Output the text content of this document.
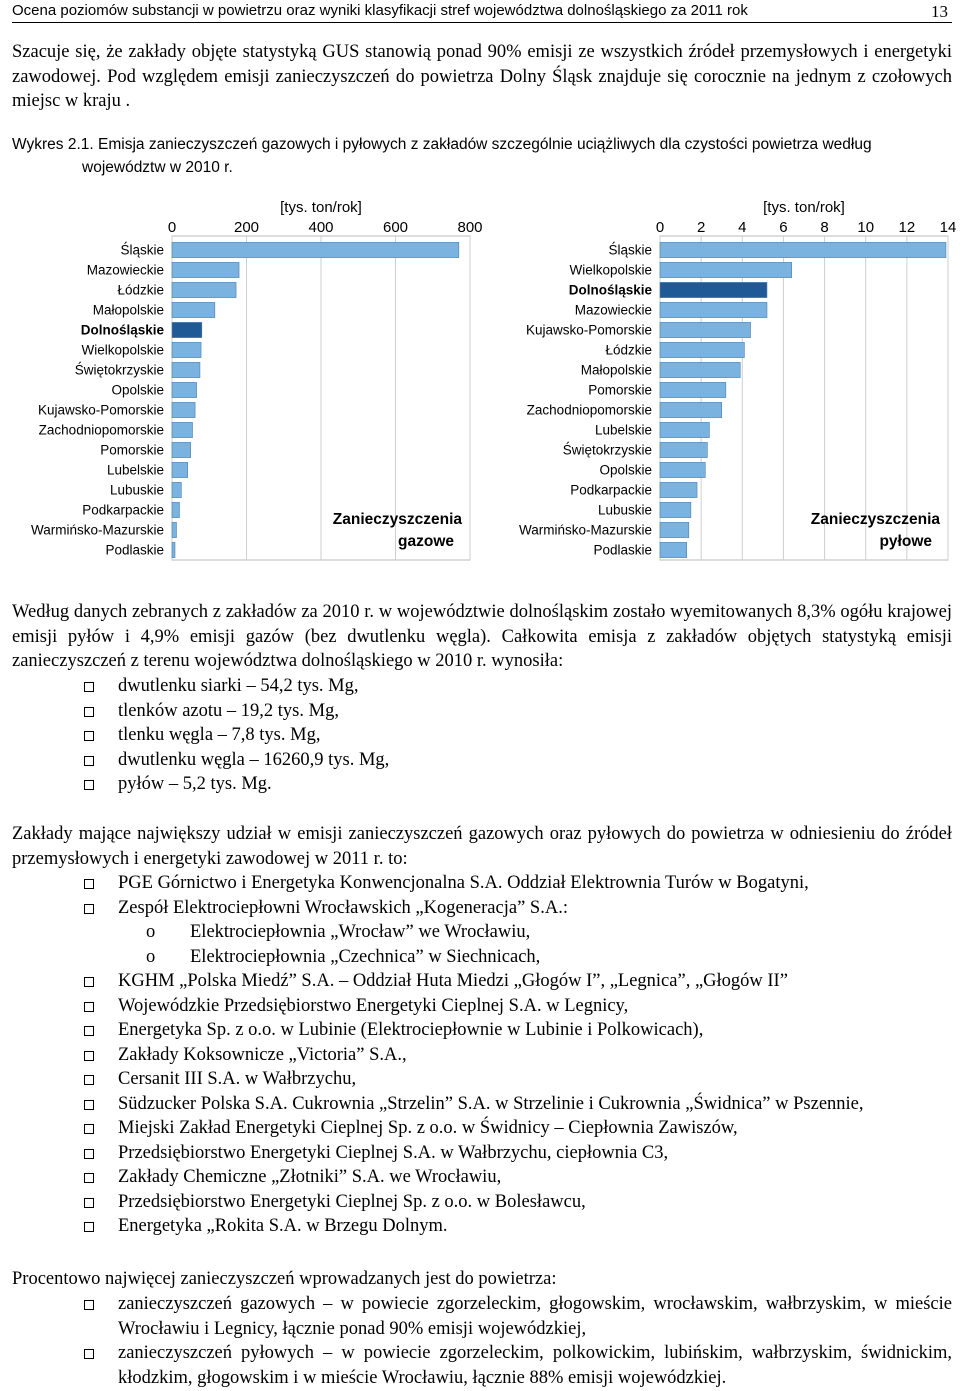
Ocena poziomów substancji w powietrzu oraz wyniki klasyfikacji stref województwa dolnośląskiego za 2011 rok	13

Szacuje się, że zakłady objęte statystyką GUS stanowią ponad 90% emisji ze wszystkich źródeł przemysłowych i energetyki zawodowej. Pod względem emisji zanieczyszczeń do powietrza Dolny Śląsk znajduje się corocznie na jednym z czołowych miejsc w kraju .

Wykres 2.1. Emisja zanieczyszczeń gazowych i pyłowych z zakładów szczególnie uciążliwych dla czystości powietrza według
województw w 2010 r.
[tys. ton/rok]
0	200	400	600	800
Śląskie
Mazowieckie
Łódzkie
Małopolskie
Dolnośląskie
Wielkopolskie
Świętokrzyskie
Opolskie
Kujawsko-Pomorskie
Zachodniopomorskie
Pomorskie
Lubelskie
Lubuskie
Podkarpackie
Warmińsko-Mazurskie
Podlaskie
Zanieczyszczenia
gazowe
[tys. ton/rok]
0 2 4 6 8 10 12 14
Śląskie
Wielkopolskie
Dolnośląskie
Mazowieckie
Kujawsko-Pomorskie
Łódzkie
Małopolskie
Pomorskie
Zachodniopomorskie
Lubelskie
Świętokrzyskie
Opolskie
Podkarpackie
Lubuskie
Warmińsko-Mazurskie
Podlaskie
Zanieczyszczenia
pyłowe

Według danych zebranych z zakładów za 2010 r. w województwie dolnośląskim zostało wyemitowanych 8,3% ogółu krajowej emisji pyłów i 4,9% emisji gazów (bez dwutlenku węgla). Całkowita emisja z zakładów objętych statystyką emisji zanieczyszczeń z terenu województwa dolnośląskiego w 2010 r. wynosiła:

dwutlenku siarki – 54,2 tys. Mg,
tlenków azotu – 19,2 tys. Mg,
tlenku węgla – 7,8 tys. Mg,
dwutlenku węgla – 16260,9 tys. Mg,
pyłów – 5,2 tys. Mg.

Zakłady mające największy udział w emisji zanieczyszczeń gazowych oraz pyłowych do powietrza w odniesieniu do źródeł przemysłowych i energetyki zawodowej w 2011 r. to:

PGE Górnictwo i Energetyka Konwencjonalna S.A. Oddział Elektrownia Turów w Bogatyni,
Zespół Elektrociepłowni Wrocławskich „Kogeneracja” S.A.:
o Elektrociepłownia „Wrocław” we Wrocławiu,
o Elektrociepłownia „Czechnica” w Siechnicach,
KGHM „Polska Miedź” S.A. – Oddział Huta Miedzi „Głogów I”, „Legnica”, „Głogów II”
Wojewódzkie Przedsiębiorstwo Energetyki Cieplnej S.A. w Legnicy,
Energetyka Sp. z o.o. w Lubinie (Elektrociepłownie w Lubinie i Polkowicach),
Zakłady Koksownicze „Victoria” S.A.,
Cersanit III S.A. w Wałbrzychu,
Südzucker Polska S.A. Cukrownia „Strzelin” S.A. w Strzelinie i Cukrownia „Świdnica” w Pszennie,
Miejski Zakład Energetyki Cieplnej Sp. z o.o. w Świdnicy – Ciepłownia Zawiszów,
Przedsiębiorstwo Energetyki Cieplnej S.A. w Wałbrzychu, ciepłownia C3,
Zakłady Chemiczne „Złotniki” S.A. we Wrocławiu,
Przedsiębiorstwo Energetyki Cieplnej Sp. z o.o. w Bolesławcu,
Energetyka „Rokita S.A. w Brzegu Dolnym.

Procentowo najwięcej zanieczyszczeń wprowadzanych jest do powietrza:

zanieczyszczeń gazowych – w powiecie zgorzeleckim, głogowskim, wrocławskim, wałbrzyskim, w mieście Wrocławiu i Legnicy, łącznie ponad 90% emisji wojewódzkiej,
zanieczyszczeń pyłowych – w powiecie zgorzeleckim, polkowickim, lubińskim, wałbrzyskim, świdnickim, kłodzkim, głogowskim i w mieście Wrocławiu, łącznie 88% emisji wojewódzkiej.
